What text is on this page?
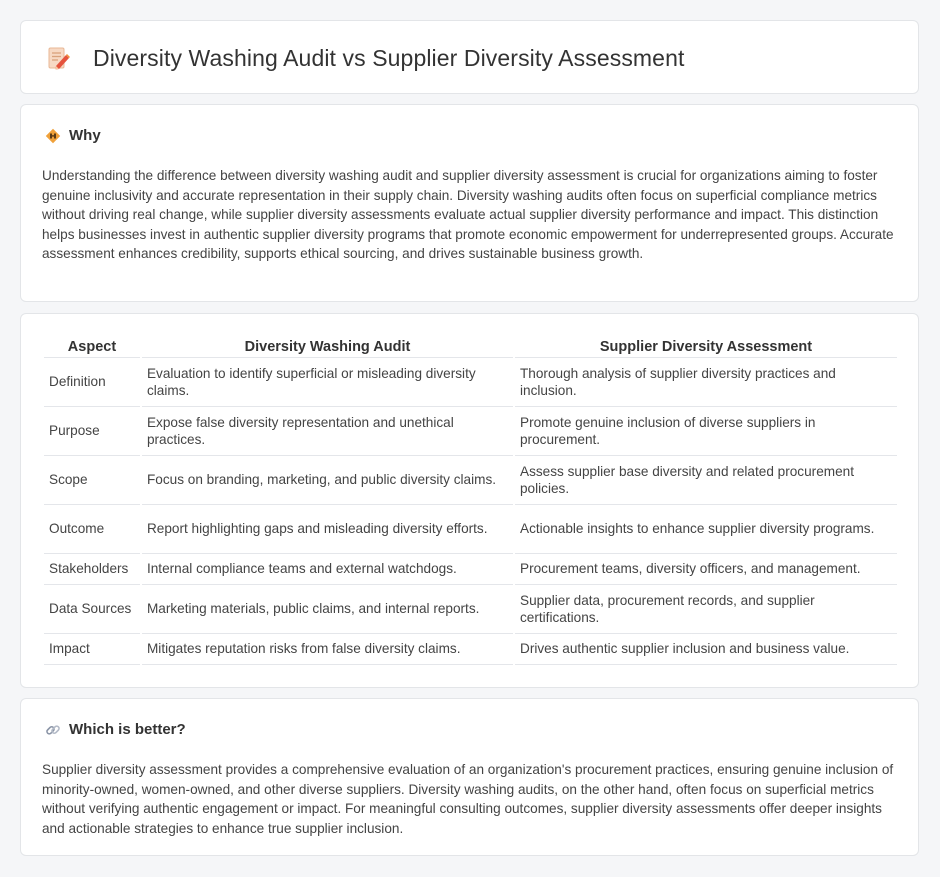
Diversity Washing Audit vs Supplier Diversity Assessment
Why

Understanding the difference between diversity washing audit and supplier diversity assessment is crucial for organizations aiming to foster genuine inclusivity and accurate representation in their supply chain. Diversity washing audits often focus on superficial compliance metrics without driving real change, while supplier diversity assessments evaluate actual supplier diversity performance and impact. This distinction helps businesses invest in authentic supplier diversity programs that promote economic empowerment for underrepresented groups. Accurate assessment enhances credibility, supports ethical sourcing, and drives sustainable business growth.

Aspect	Diversity Washing Audit	Supplier Diversity Assessment
Definition	Evaluation to identify superficial or misleading diversity claims.	Thorough analysis of supplier diversity practices and inclusion.
Purpose	Expose false diversity representation and unethical practices.	Promote genuine inclusion of diverse suppliers in procurement.
Scope	Focus on branding, marketing, and public diversity claims.	Assess supplier base diversity and related procurement policies.
Outcome	Report highlighting gaps and misleading diversity efforts.	Actionable insights to enhance supplier diversity programs.
Stakeholders	Internal compliance teams and external watchdogs.	Procurement teams, diversity officers, and management.
Data Sources	Marketing materials, public claims, and internal reports.	Supplier data, procurement records, and supplier certifications.
Impact	Mitigates reputation risks from false diversity claims.	Drives authentic supplier inclusion and business value.
Which is better?

Supplier diversity assessment provides a comprehensive evaluation of an organization's procurement practices, ensuring genuine inclusion of minority-owned, women-owned, and other diverse suppliers. Diversity washing audits, on the other hand, often focus on superficial metrics without verifying authentic engagement or impact. For meaningful consulting outcomes, supplier diversity assessments offer deeper insights and actionable strategies to enhance true supplier inclusion.
